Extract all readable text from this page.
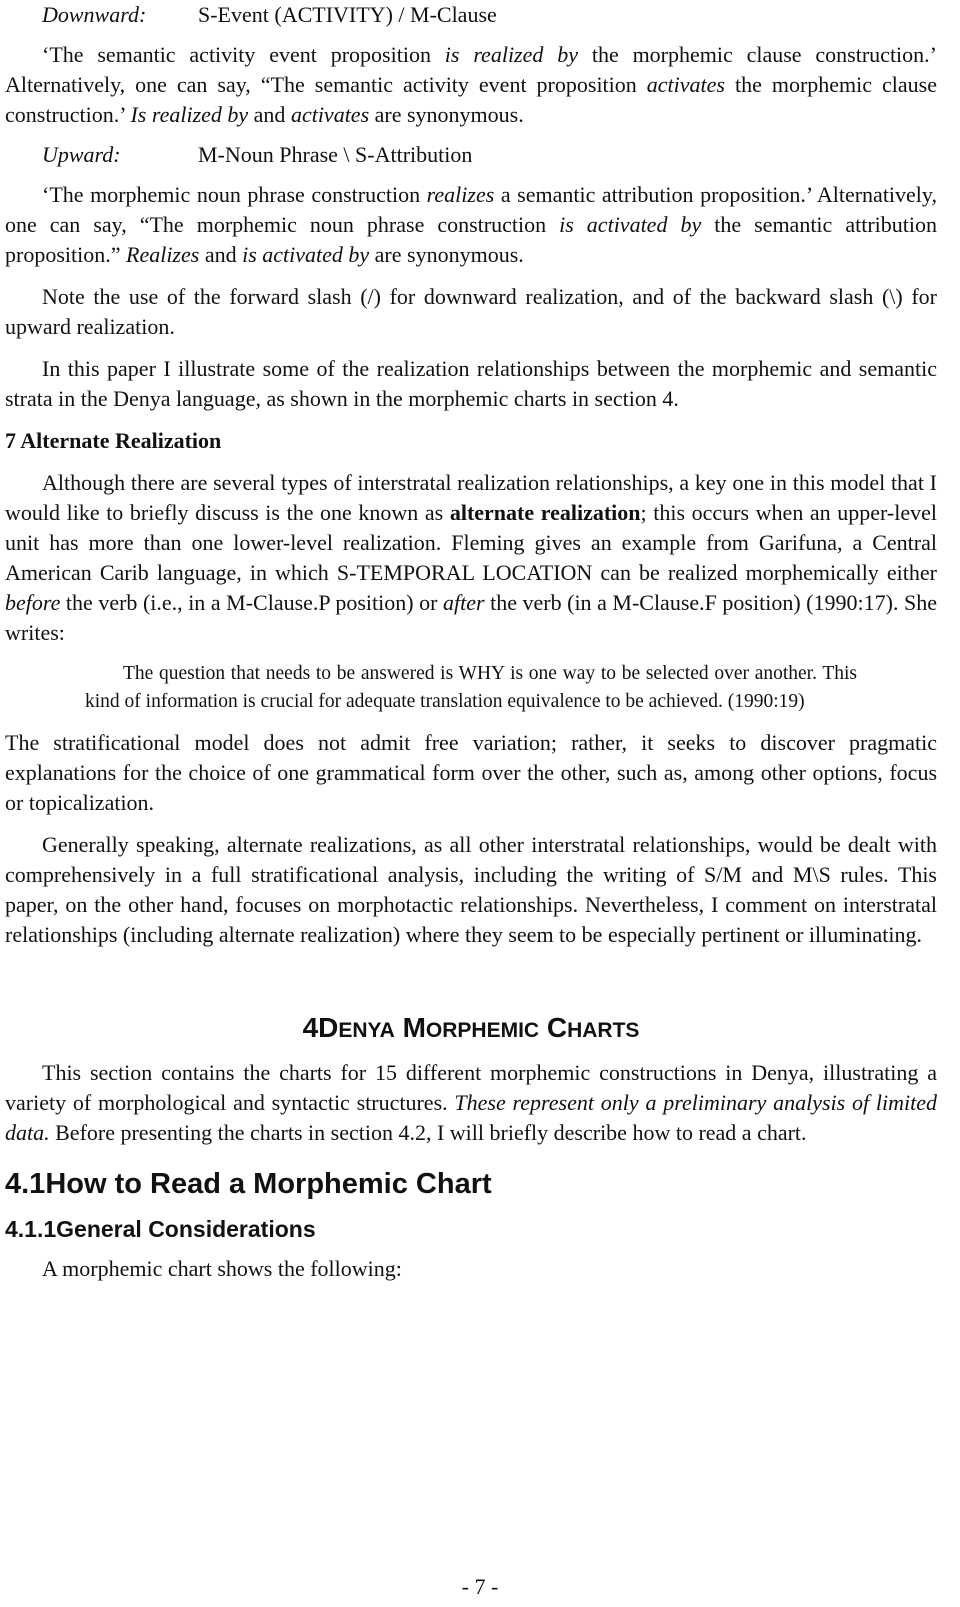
Downward:	S-Event (ACTIVITY) / M-Clause

‘The semantic activity event proposition is realized by the morphemic clause construction.’ Alternatively, one can say, “The semantic activity event proposition activates the morphemic clause construction.’ Is realized by and activates are synonymous.

Upward:	M-Noun Phrase \ S-Attribution

‘The morphemic noun phrase construction realizes a semantic attribution proposition.’ Alternatively, one can say, “The morphemic noun phrase construction is activated by the semantic attribution proposition.” Realizes and is activated by are synonymous.

Note the use of the forward slash (/) for downward realization, and of the backward slash (\) for upward realization.

In this paper I illustrate some of the realization relationships between the morphemic and semantic strata in the Denya language, as shown in the morphemic charts in section 4.

7 Alternate Realization

Although there are several types of interstratal realization relationships, a key one in this model that I would like to briefly discuss is the one known as alternate realization; this occurs when an upper-level unit has more than one lower-level realization. Fleming gives an example from Garifuna, a Central American Carib language, in which S-TEMPORAL LOCATION can be realized morphemically either before the verb (i.e., in a M-Clause.P position) or after the verb (in a M-Clause.F position) (1990:17). She writes:

The question that needs to be answered is WHY is one way to be selected over another. This kind of information is crucial for adequate translation equivalence to be achieved. (1990:19)

The stratificational model does not admit free variation; rather, it seeks to discover pragmatic explanations for the choice of one grammatical form over the other, such as, among other options, focus or topicalization.

Generally speaking, alternate realizations, as all other interstratal relationships, would be dealt with comprehensively in a full stratificational analysis, including the writing of S/M and M\S rules. This paper, on the other hand, focuses on morphotactic relationships. Nevertheless, I comment on interstratal relationships (including alternate realization) where they seem to be especially pertinent or illuminating.

4DENYA MORPHEMIC CHARTS

This section contains the charts for 15 different morphemic constructions in Denya, illustrating a variety of morphological and syntactic structures. These represent only a preliminary analysis of limited data. Before presenting the charts in section 4.2, I will briefly describe how to read a chart.

4.1How to Read a Morphemic Chart
4.1.1General Considerations

A morphemic chart shows the following:

- 7 -
